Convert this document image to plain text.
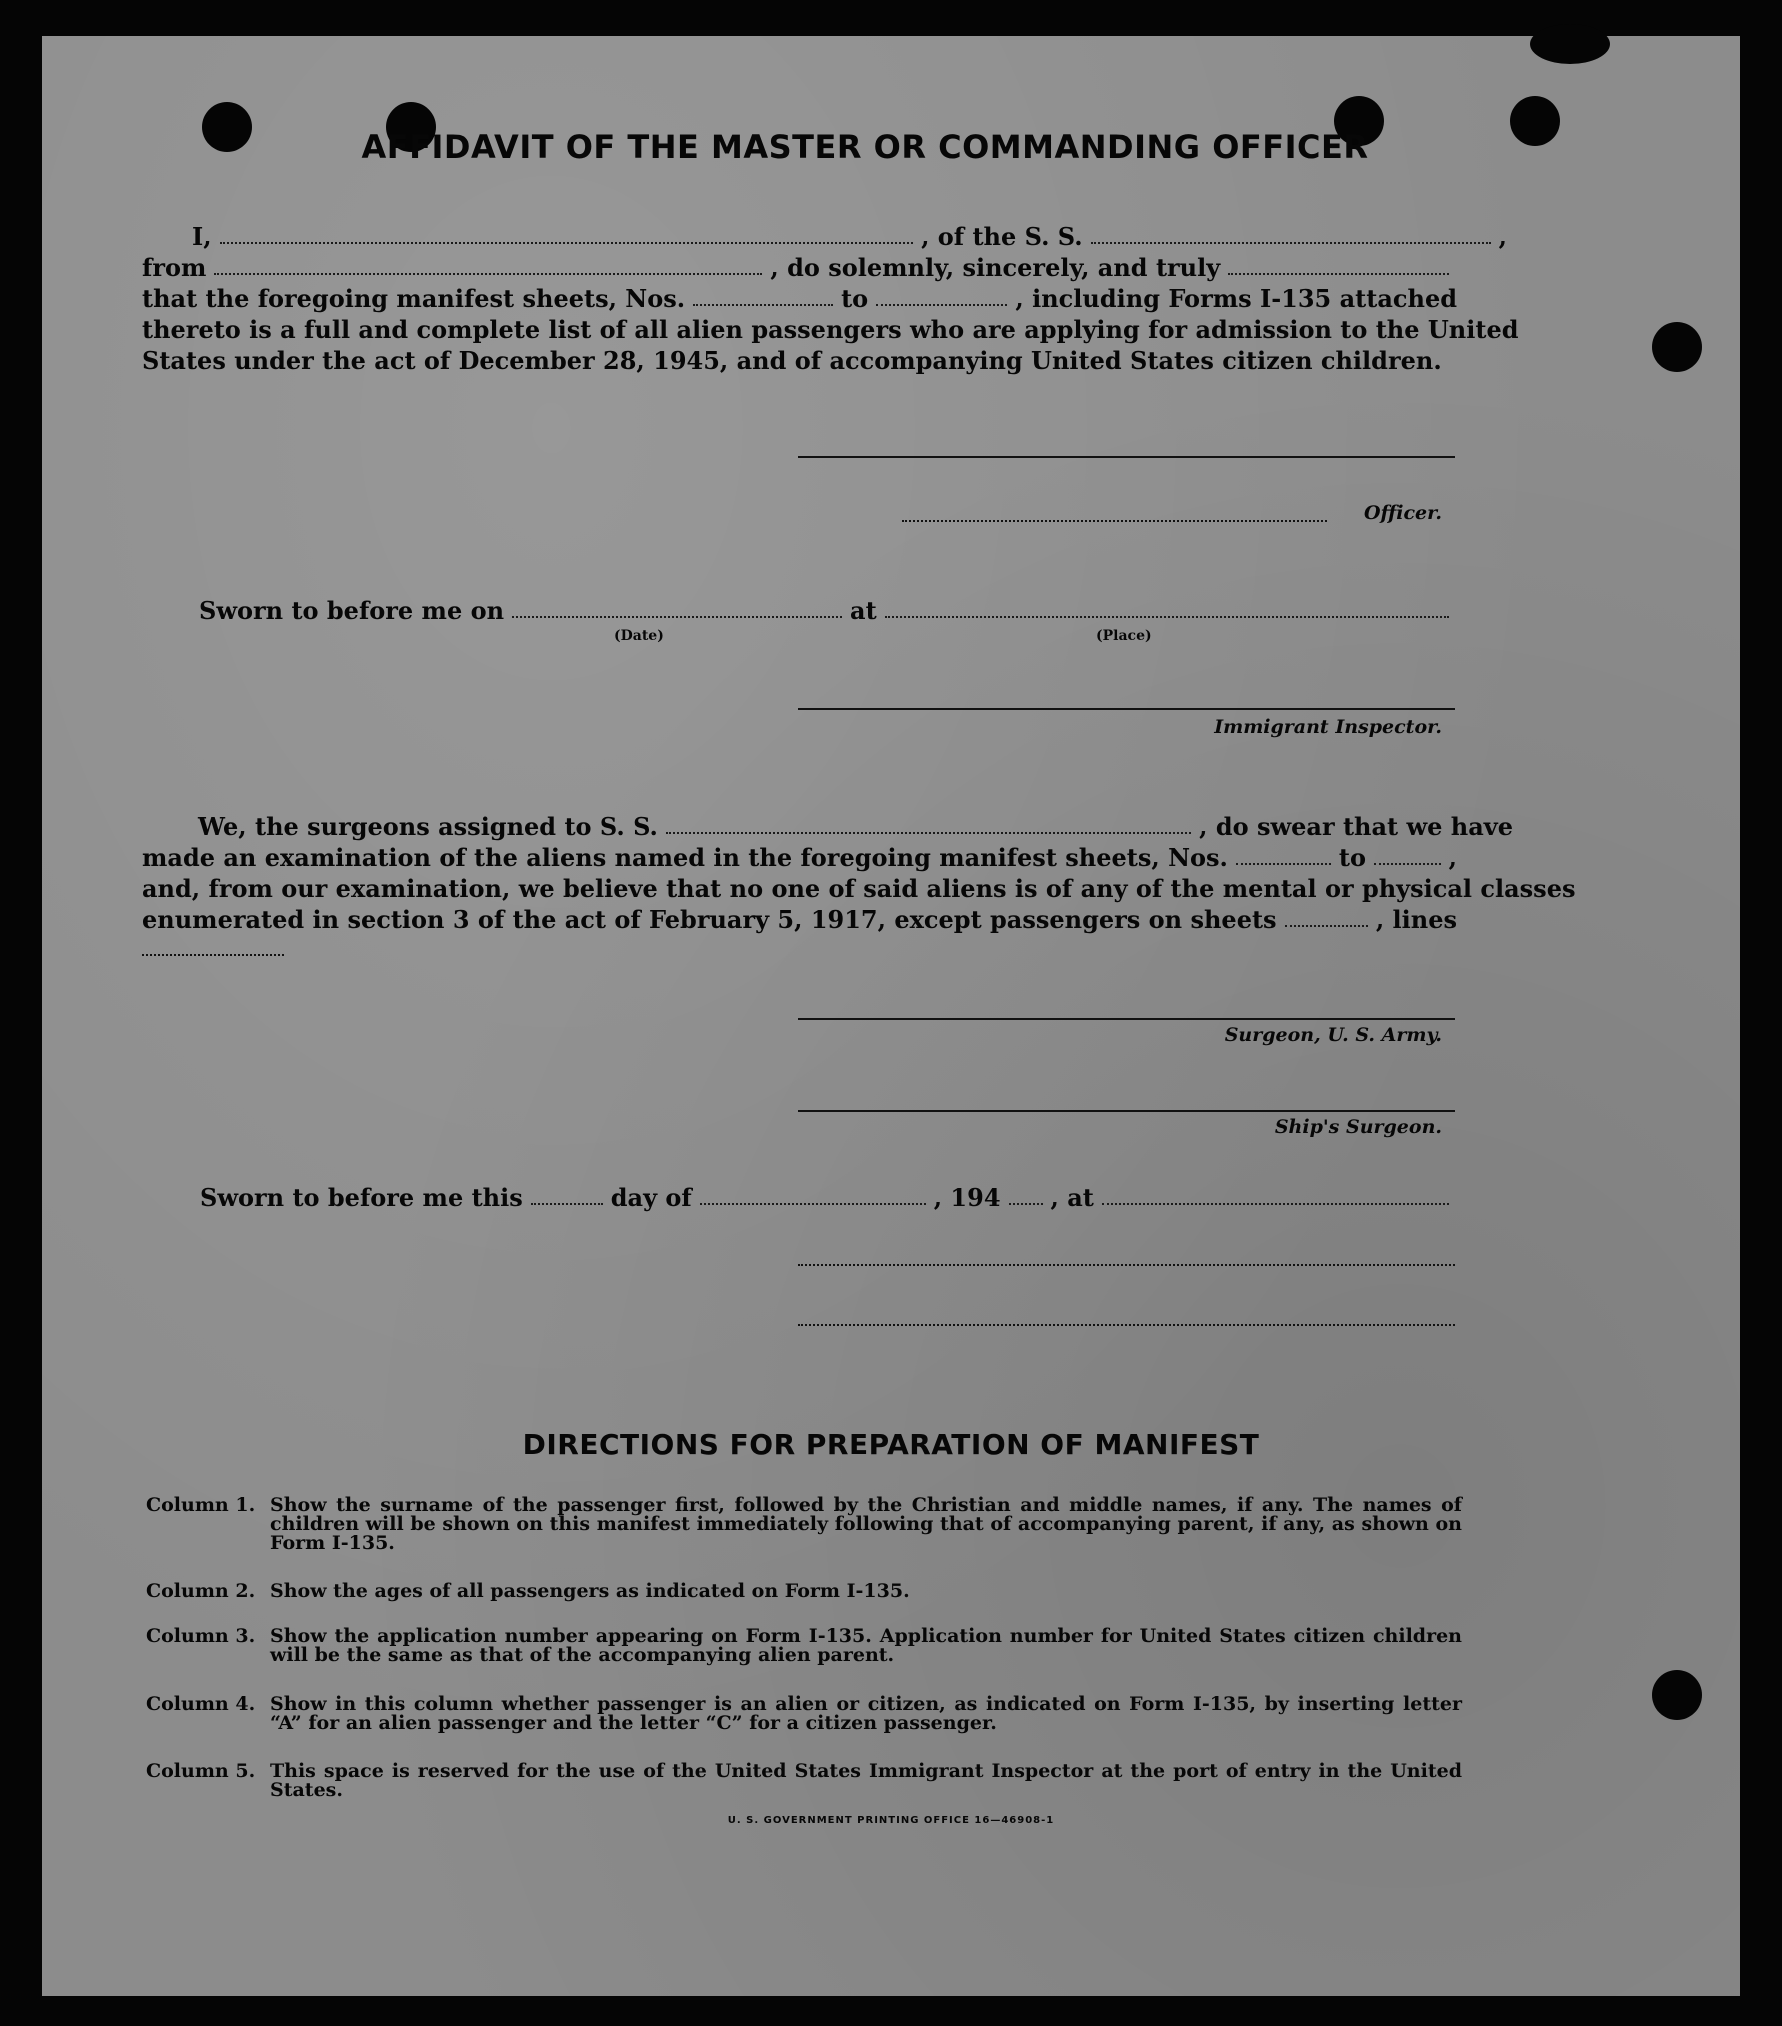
AFFIDAVIT OF THE MASTER OR COMMANDING OFFICER
I,	, of the S. S.	,
from	, do solemnly, sincerely, and truly
that the foregoing manifest sheets, Nos.	to	, including Forms I-135 attached
thereto is a full and complete list of all alien passengers who are applying for admission to the United
States under the act of December 28, 1945, and of accompanying United States citizen children.
Officer.
Sworn to before me on	at
(Date)	(Place)
Immigrant Inspector.
We, the surgeons assigned to S. S.	, do swear that we have
made an examination of the aliens named in the foregoing manifest sheets, Nos.	to	,
and, from our examination, we believe that no one of said aliens is of any of the mental or physical classes
enumerated in section 3 of the act of February 5, 1917, except passengers on sheets	, lines
Surgeon, U. S. Army.
Ship's Surgeon.
Sworn to before me this	day of	, 194 , at
DIRECTIONS FOR PREPARATION OF MANIFEST
Column 1. Show the surname of the passenger first, followed by the Christian and middle names, if any. The names of children will be shown on this manifest immediately following that of accompanying parent, if any, as shown on Form I-135.
Column 2. Show the ages of all passengers as indicated on Form I-135.
Column 3. Show the application number appearing on Form I-135. Application number for United States citizen children will be the same as that of the accompanying alien parent.
Column 4. Show in this column whether passenger is an alien or citizen, as indicated on Form I-135, by inserting letter “A” for an alien passenger and the letter “C” for a citizen passenger.
Column 5. This space is reserved for the use of the United States Immigrant Inspector at the port of entry in the United States.
U. S. GOVERNMENT PRINTING OFFICE 16—46908-1
